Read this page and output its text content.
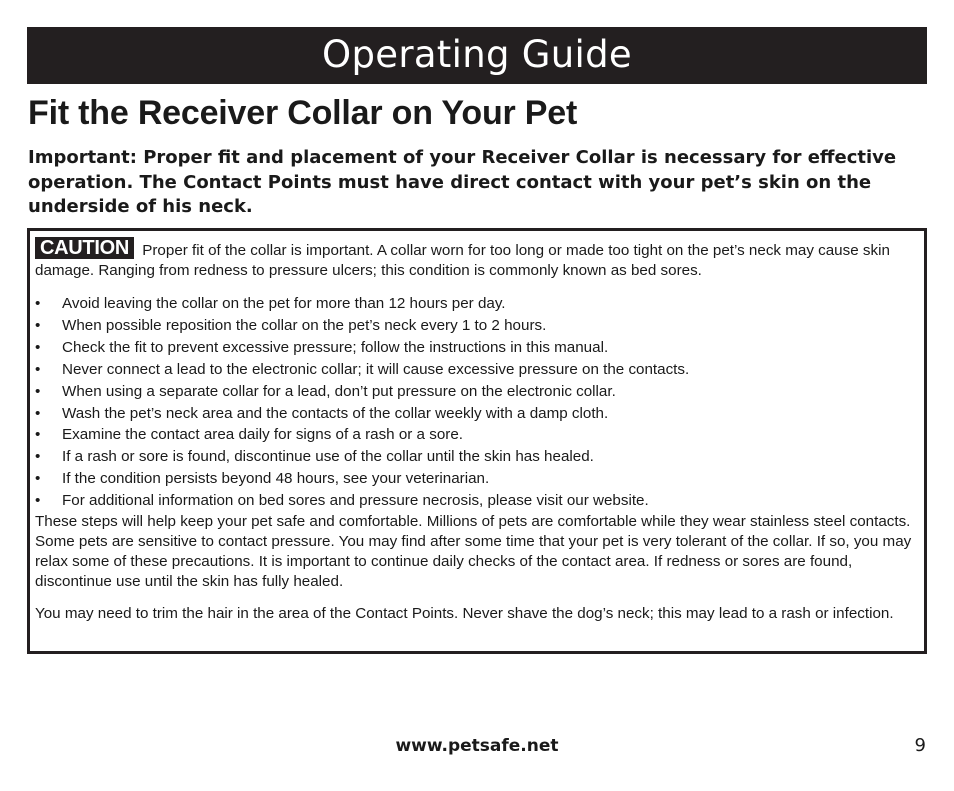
Operating Guide
Fit the Receiver Collar on Your Pet

Important: Proper fit and placement of your Receiver Collar is necessary for effective operation. The Contact Points must have direct contact with your pet’s skin on the underside of his neck.

CAUTION Proper fit of the collar is important. A collar worn for too long or made too tight on the pet’s neck may cause skin damage. Ranging from redness to pressure ulcers; this condition is commonly known as bed sores.

• Avoid leaving the collar on the pet for more than 12 hours per day.
• When possible reposition the collar on the pet’s neck every 1 to 2 hours.
• Check the fit to prevent excessive pressure; follow the instructions in this manual.
• Never connect a lead to the electronic collar; it will cause excessive pressure on the contacts.
• When using a separate collar for a lead, don’t put pressure on the electronic collar.
• Wash the pet’s neck area and the contacts of the collar weekly with a damp cloth.
• Examine the contact area daily for signs of a rash or a sore.
• If a rash or sore is found, discontinue use of the collar until the skin has healed.
• If the condition persists beyond 48 hours, see your veterinarian.
• For additional information on bed sores and pressure necrosis, please visit our website.

These steps will help keep your pet safe and comfortable. Millions of pets are comfortable while they wear stainless steel contacts. Some pets are sensitive to contact pressure. You may find after some time that your pet is very tolerant of the collar. If so, you may relax some of these precautions. It is important to continue daily checks of the contact area. If redness or sores are found, discontinue use until the skin has fully healed.

You may need to trim the hair in the area of the Contact Points. Never shave the dog’s neck; this may lead to a rash or infection.

www.petsafe.net	9
